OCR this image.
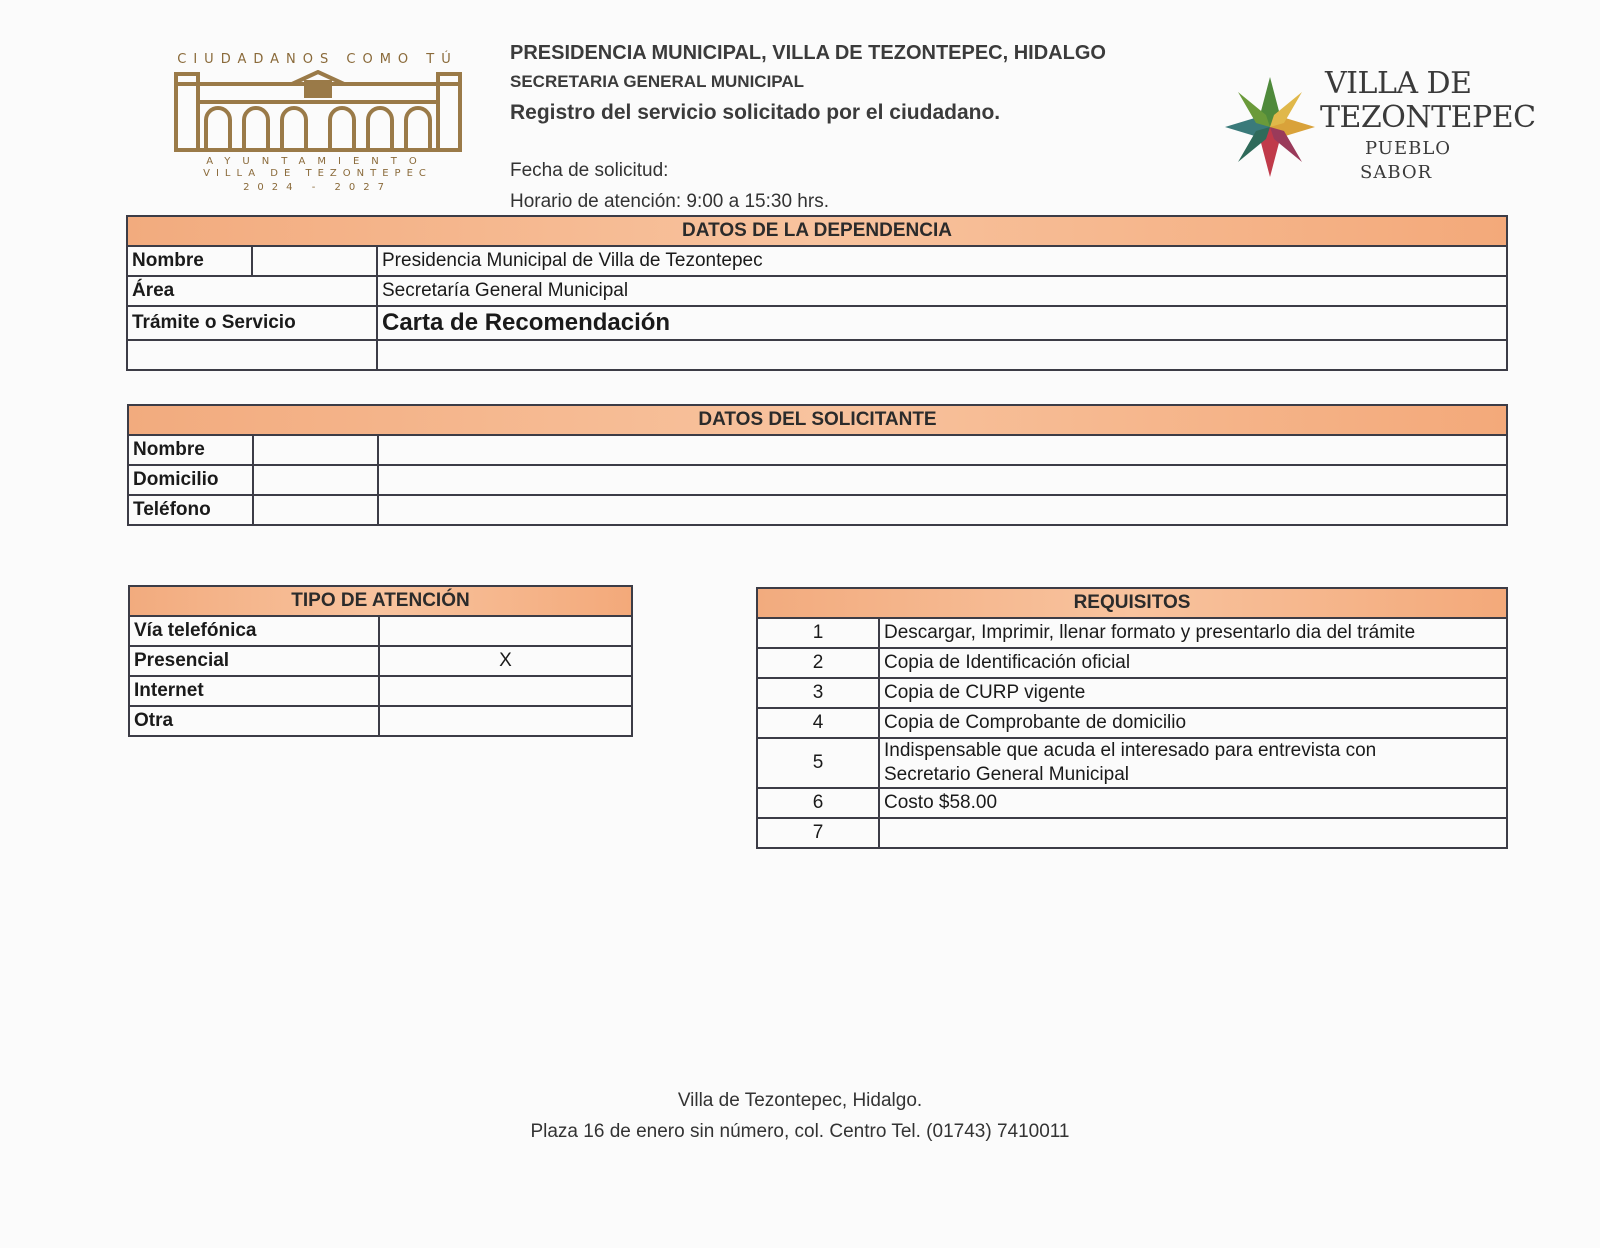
CIUDADANOS COMO TÚ
AYUNTAMIENTO
VILLA DE TEZONTEPEC
2024 - 2027
PRESIDENCIA MUNICIPAL, VILLA DE TEZONTEPEC, HIDALGO
SECRETARIA GENERAL MUNICIPAL
Registro del servicio solicitado por el ciudadano.
Fecha de solicitud:
Horario de atención: 9:00 a 15:30 hrs.
VILLA DE
TEZONTEPEC
PUEBLO
SABOR
DATOS DE LA DEPENDENCIA		
Nombre		Presidencia Municipal de Villa de Tezontepec
Área		Secretaría General Municipal
Trámite o Servicio		Carta de Recomendación

DATOS DEL SOLICITANTE		
Nombre		
Domicilio		
Teléfono		
TIPO DE ATENCIÓN	
Vía telefónica	
Presencial	X
Internet	
Otra	
REQUISITOS	
1	Descargar, Imprimir, llenar formato y presentarlo dia del trámite
2	Copia de Identificación oficial
3	Copia de CURP vigente
4	Copia de Comprobante de domicilio
5	Indispensable que acuda el interesado para entrevista con
Secretario General Municipal

6	Costo $58.00
7	
Villa de Tezontepec, Hidalgo.
Plaza 16 de enero sin número, col. Centro Tel. (01743) 7410011
